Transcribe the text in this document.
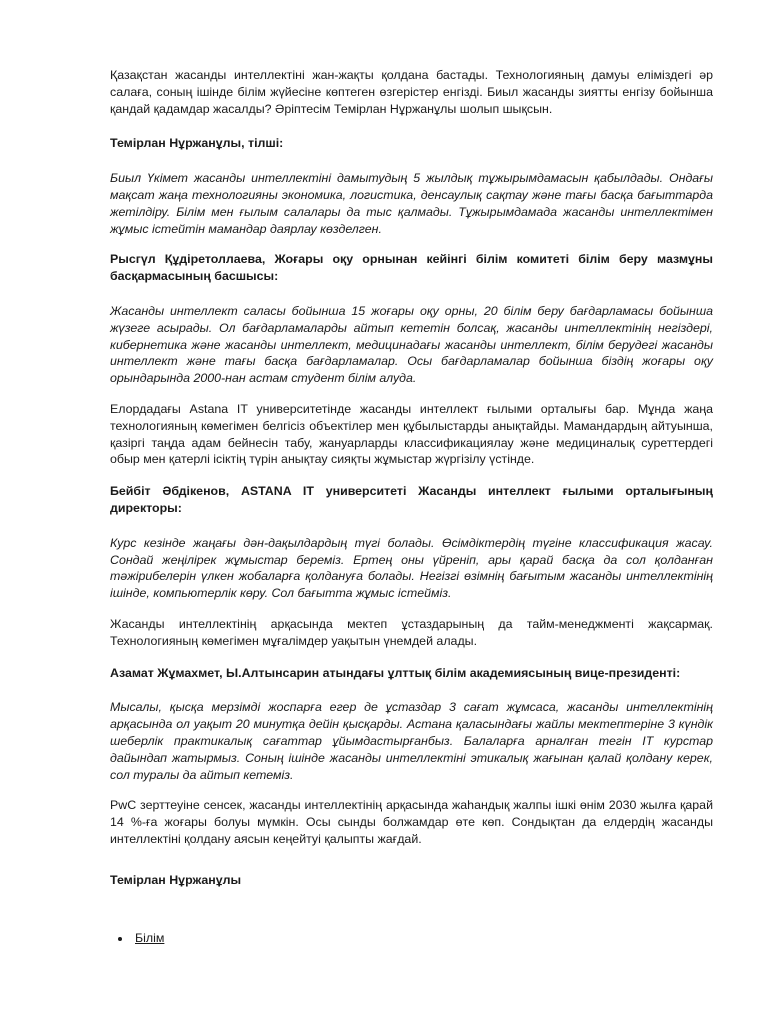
Қазақстан жасанды интеллектіні жан-жақты қолдана бастады. Технологияның дамуы еліміздегі әр салаға, соның ішінде білім жүйесіне көптеген өзгерістер енгізді. Биыл жасанды зиятты енгізу бойынша қандай қадамдар жасалды? Әріптесім Темірлан Нұржанұлы шолып шықсын.

Темірлан Нұржанұлы, тілші:

Биыл Үкімет жасанды интеллектіні дамытудың 5 жылдық тұжырымдамасын қабылдады. Ондағы мақсат жаңа технологияны экономика, логистика, денсаулық сақтау және тағы басқа бағыттарда жетілдіру. Білім мен ғылым салалары да тыс қалмады. Тұжырымдамада жасанды интеллектімен жұмыс істейтін мамандар даярлау көзделген.

Рысгүл Құдіретоллаева, Жоғары оқу орнынан кейінгі білім комитеті білім беру мазмұны басқармасының басшысы:

Жасанды интеллект саласы бойынша 15 жоғары оқу орны, 20 білім беру бағдарламасы бойынша жүзеге асырады. Ол бағдарламаларды айтып кететін болсақ, жасанды интеллектінің негіздері, кибернетика және жасанды интеллект, медицинадағы жасанды интеллект, білім берудегі жасанды интеллект және тағы басқа бағдарламалар. Осы бағдарламалар бойынша біздің жоғары оқу орындарында 2000-нан астам студент білім алуда.

Елордадағы Astana IT университетінде жасанды интеллект ғылыми орталығы бар. Мұнда жаңа технологияның көмегімен белгісіз объектілер мен құбылыстарды анықтайды. Мамандардың айтуынша, қазіргі таңда адам бейнесін табу, жануарларды классификациялау және медициналық суреттердегі обыр мен қатерлі ісіктің түрін анықтау сияқты жұмыстар жүргізілу үстінде.

Бейбіт Әбдікенов, ASTANA IT университеті Жасанды интеллект ғылыми орталығының директоры:

Курс кезінде жаңағы дән-дақылдардың түгі болады. Өсімдіктердің түгіне классификация жасау. Сондай жеңілірек жұмыстар береміз. Ертең оны үйреніп, ары қарай басқа да сол қолданған тәжірибелерін үлкен жобаларға қолдануға болады. Негізгі өзімнің бағытым жасанды интеллектінің ішінде, компьютерлік көру. Сол бағытта жұмыс істейміз.

Жасанды интеллектінің арқасында мектеп ұстаздарының да тайм-менеджменті жақсармақ. Технологияның көмегімен мұғалімдер уақытын үнемдей алады.

Азамат Жұмахмет, Ы.Алтынсарин атындағы ұлттық білім академиясының вице-президенті:

Мысалы, қысқа мерзімді жоспарға егер де ұстаздар 3 сағат жұмсаса, жасанды интеллектінің арқасында ол уақыт 20 минутқа дейін қысқарды. Астана қаласындағы жайлы мектептеріне 3 күндік шеберлік практикалық сағаттар ұйымдастырғанбыз. Балаларға арналған тегін IT курстар дайындап жатырмыз. Соның ішінде жасанды интеллектіні этикалық жағынан қалай қолдану керек, сол туралы да айтып кетеміз.

PwC зерттеуіне сенсек, жасанды интеллектінің арқасында жаһандық жалпы ішкі өнім 2030 жылға қарай 14 %-ға жоғары болуы мүмкін. Осы сынды болжамдар өте көп. Сондықтан да елдердің жасанды интеллектіні қолдану аясын кеңейтуі қалыпты жағдай.

Темірлан Нұржанұлы

• Білім
